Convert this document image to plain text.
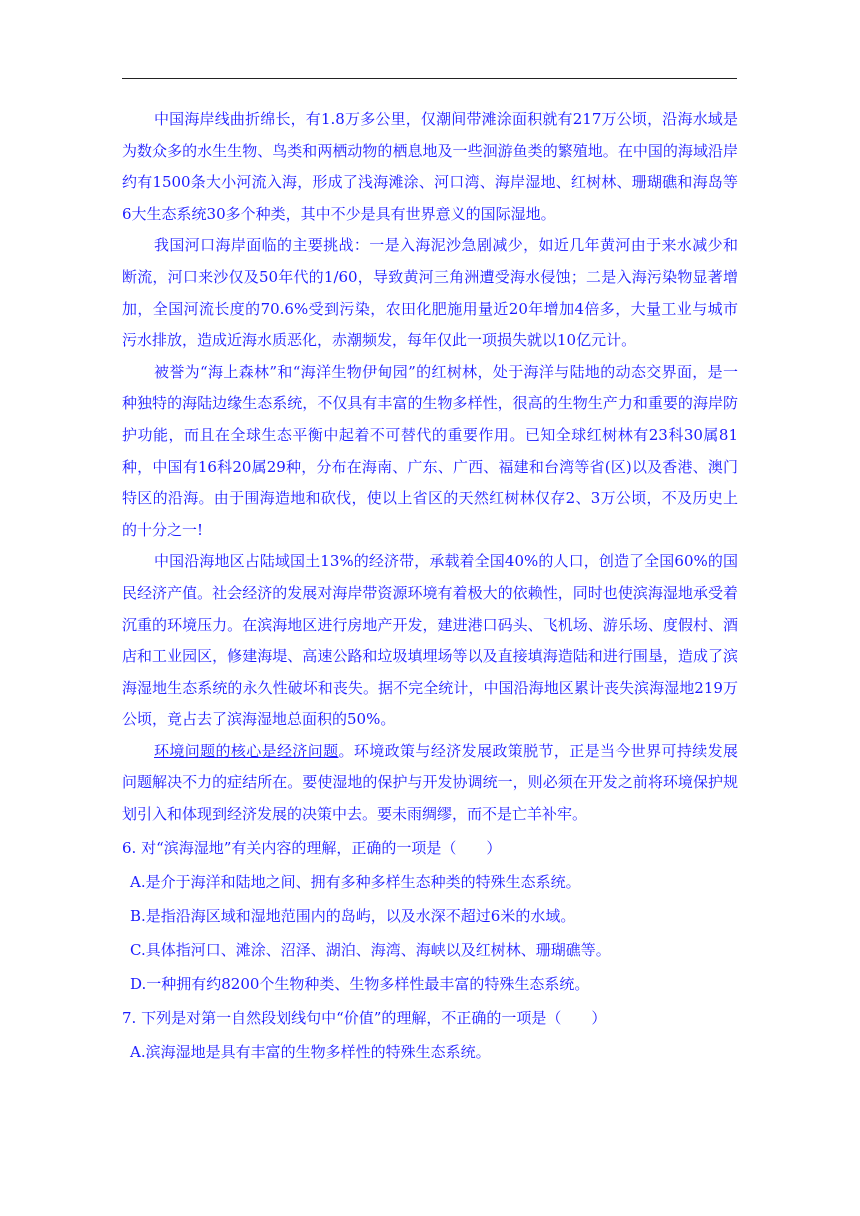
中国海岸线曲折绵长，有1.8万多公里，仅潮间带滩涂面积就有217万公顷，沿海水域是为数众多的水生生物、鸟类和两栖动物的栖息地及一些洄游鱼类的繁殖地。在中国的海域沿岸约有1500条大小河流入海，形成了浅海滩涂、河口湾、海岸湿地、红树林、珊瑚礁和海岛等6大生态系统30多个种类，其中不少是具有世界意义的国际湿地。

我国河口海岸面临的主要挑战：一是入海泥沙急剧减少，如近几年黄河由于来水减少和断流，河口来沙仅及50年代的1/60，导致黄河三角洲遭受海水侵蚀；二是入海污染物显著增加，全国河流长度的70.6%受到污染，农田化肥施用量近20年增加4倍多，大量工业与城市污水排放，造成近海水质恶化，赤潮频发，每年仅此一项损失就以10亿元计。

被誉为“海上森林”和“海洋生物伊甸园”的红树林，处于海洋与陆地的动态交界面，是一种独特的海陆边缘生态系统，不仅具有丰富的生物多样性，很高的生物生产力和重要的海岸防护功能，而且在全球生态平衡中起着不可替代的重要作用。已知全球红树林有23科30属81种，中国有16科20属29种，分布在海南、广东、广西、福建和台湾等省(区)以及香港、澳门特区的沿海。由于围海造地和砍伐，使以上省区的天然红树林仅存2、3万公顷，不及历史上的十分之一!

中国沿海地区占陆域国土13%的经济带，承载着全国40%的人口，创造了全国60%的国民经济产值。社会经济的发展对海岸带资源环境有着极大的依赖性，同时也使滨海湿地承受着沉重的环境压力。在滨海地区进行房地产开发，建进港口码头、飞机场、游乐场、度假村、酒店和工业园区，修建海堤、高速公路和垃圾填埋场等以及直接填海造陆和进行围垦，造成了滨海湿地生态系统的永久性破坏和丧失。据不完全统计，中国沿海地区累计丧失滨海湿地219万公顷，竟占去了滨海湿地总面积的50%。

环境问题的核心是经济问题。环境政策与经济发展政策脱节，正是当今世界可持续发展问题解决不力的症结所在。要使湿地的保护与开发协调统一，则必须在开发之前将环境保护规划引入和体现到经济发展的决策中去。要未雨绸缪，而不是亡羊补牢。

6. 对“滨海湿地”有关内容的理解，正确的一项是（　　）

A.是介于海洋和陆地之间、拥有多种多样生态种类的特殊生态系统。

B.是指沿海区域和湿地范围内的岛屿，以及水深不超过6米的水域。

C.具体指河口、滩涂、沼泽、湖泊、海湾、海峡以及红树林、珊瑚礁等。

D.一种拥有约8200个生物种类、生物多样性最丰富的特殊生态系统。

7. 下列是对第一自然段划线句中“价值”的理解，不正确的一项是（　　）

A.滨海湿地是具有丰富的生物多样性的特殊生态系统。
